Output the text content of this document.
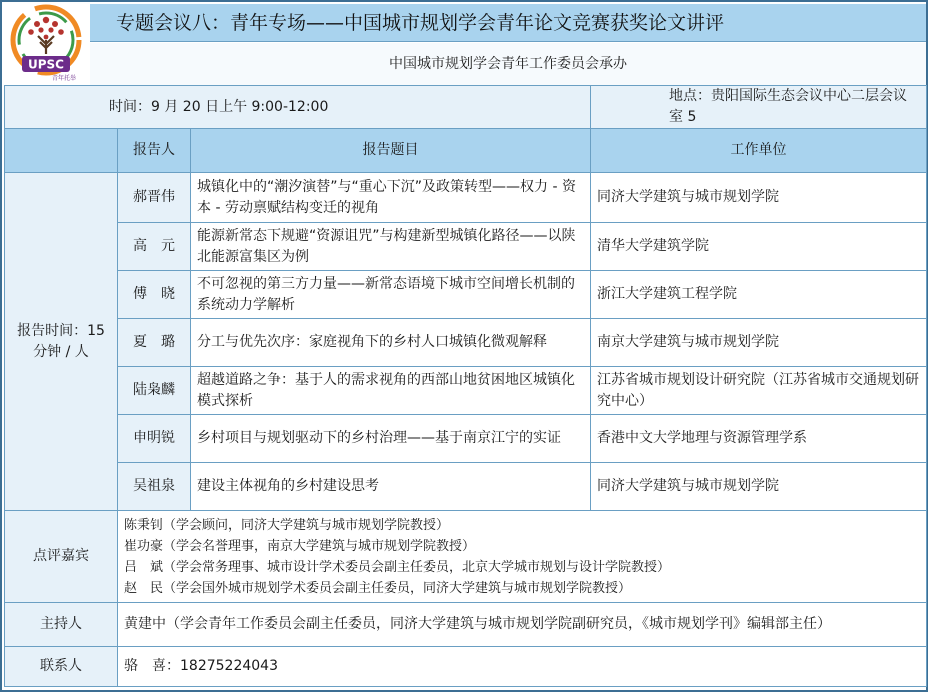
UPSC
青年托举
专题会议八：青年专场——中国城市规划学会青年论文竞赛获奖论文讲评
中国城市规划学会青年工作委员会承办
时间：9 月 20 日上午 9:00-12:00			地点：贵阳国际生态会议中心二层会议室 5
	报告人	报告题目	工作单位
报告时间：15 分钟 / 人	郝晋伟	城镇化中的“潮汐演替”与“重心下沉”及政策转型——权力 - 资本 - 劳动禀赋结构变迁的视角	同济大学建筑与城市规划学院
	高　元	能源新常态下规避“资源诅咒”与构建新型城镇化路径——以陕北能源富集区为例	清华大学建筑学院
	傅　晓	不可忽视的第三方力量——新常态语境下城市空间增长机制的系统动力学解析	浙江大学建筑工程学院
	夏　璐	分工与优先次序：家庭视角下的乡村人口城镇化微观解释	南京大学建筑与城市规划学院
	陆枭麟	超越道路之争：基于人的需求视角的西部山地贫困地区城镇化模式探析	江苏省城市规划设计研究院（江苏省城市交通规划研究中心）
	申明锐	乡村项目与规划驱动下的乡村治理——基于南京江宁的实证	香港中文大学地理与资源管理学系
	吴祖泉	建设主体视角的乡村建设思考	同济大学建筑与城市规划学院
点评嘉宾	陈秉钊（学会顾问，同济大学建筑与城市规划学院教授）
崔功豪（学会名誉理事，南京大学建筑与城市规划学院教授）
吕　斌（学会常务理事、城市设计学术委员会副主任委员，北京大学城市规划与设计学院教授）
赵　民（学会国外城市规划学术委员会副主任委员，同济大学建筑与城市规划学院教授）		

主持人	黄建中（学会青年工作委员会副主任委员，同济大学建筑与城市规划学院副研究员，《城市规划学刊》编辑部主任）		
联系人	骆　喜：18275224043		
